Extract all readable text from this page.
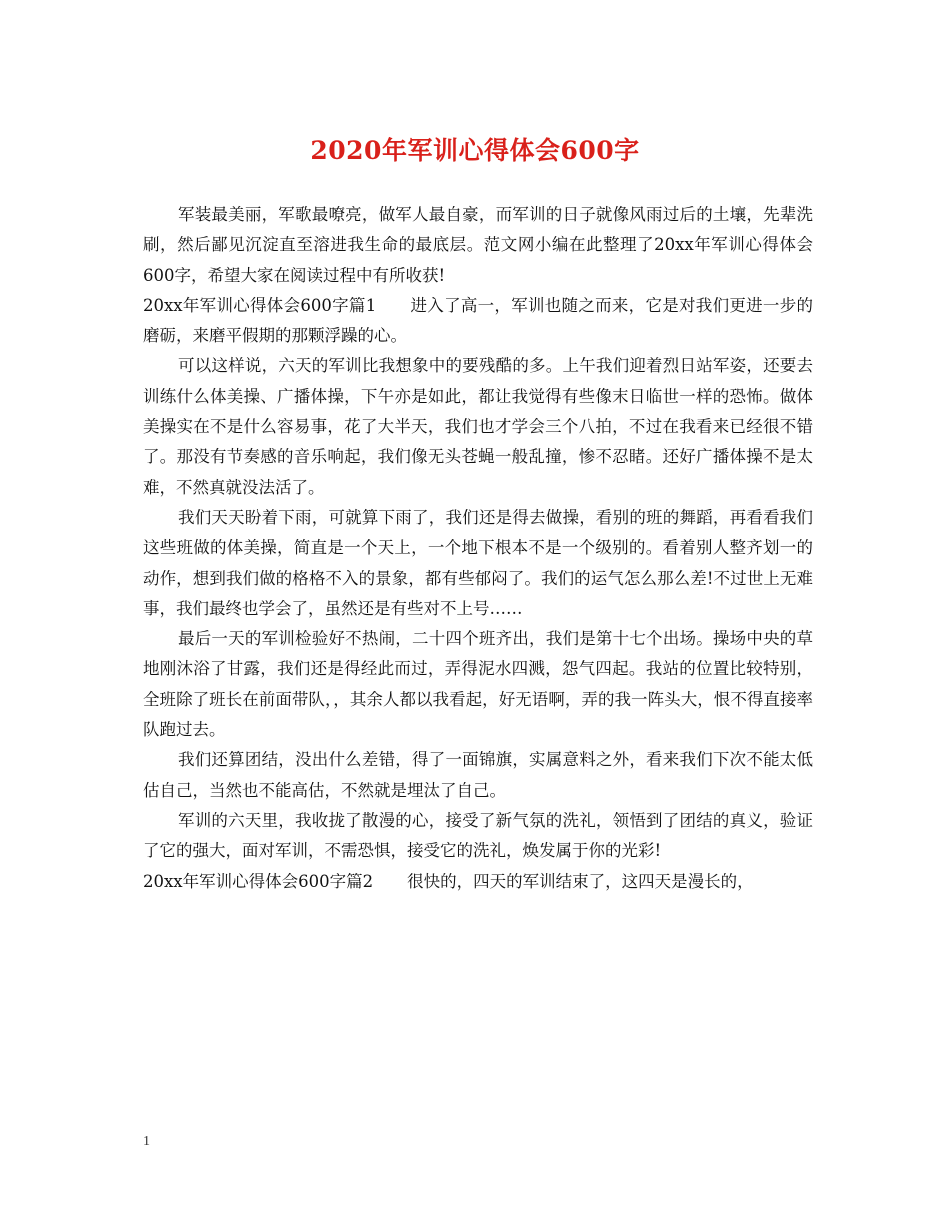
2020年军训心得体会600字

军装最美丽，军歌最嘹亮，做军人最自豪，而军训的日子就像风雨过后的土壤，先辈洗刷，然后鄙见沉淀直至溶进我生命的最底层。范文网小编在此整理了20xx年军训心得体会600字，希望大家在阅读过程中有所收获!

20xx年军训心得体会600字篇1 进入了高一，军训也随之而来，它是对我们更进一步的磨砺，来磨平假期的那颗浮躁的心。

可以这样说，六天的军训比我想象中的要残酷的多。上午我们迎着烈日站军姿，还要去训练什么体美操、广播体操，下午亦是如此，都让我觉得有些像末日临世一样的恐怖。做体美操实在不是什么容易事，花了大半天，我们也才学会三个八拍，不过在我看来已经很不错了。那没有节奏感的音乐响起，我们像无头苍蝇一般乱撞，惨不忍睹。还好广播体操不是太难，不然真就没法活了。

我们天天盼着下雨，可就算下雨了，我们还是得去做操，看别的班的舞蹈，再看看我们这些班做的体美操，简直是一个天上，一个地下根本不是一个级别的。看着别人整齐划一的动作，想到我们做的格格不入的景象，都有些郁闷了。我们的运气怎么那么差!不过世上无难事，我们最终也学会了，虽然还是有些对不上号……

最后一天的军训检验好不热闹，二十四个班齐出，我们是第十七个出场。操场中央的草地刚沐浴了甘露，我们还是得经此而过，弄得泥水四溅，怨气四起。我站的位置比较特别，全班除了班长在前面带队，，其余人都以我看起，好无语啊，弄的我一阵头大，恨不得直接率队跑过去。

我们还算团结，没出什么差错，得了一面锦旗，实属意料之外，看来我们下次不能太低估自己，当然也不能高估，不然就是埋汰了自己。

军训的六天里，我收拢了散漫的心，接受了新气氛的洗礼，领悟到了团结的真义，验证了它的强大，面对军训，不需恐惧，接受它的洗礼，焕发属于你的光彩!

20xx年军训心得体会600字篇2 很快的，四天的军训结束了，这四天是漫长的，

1
